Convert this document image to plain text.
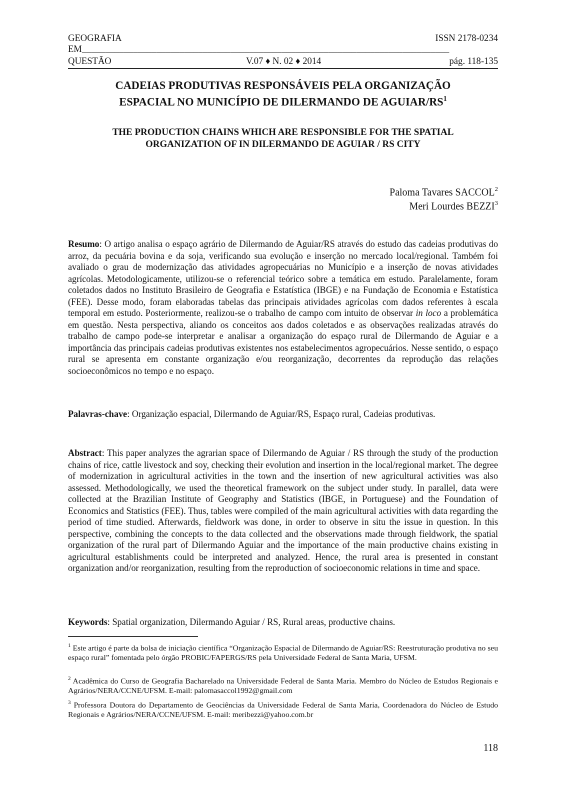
GEOGRAFIA	ISSN 2178-0234
EM_______________________________________________________________________________
QUESTÃO	V.07 ♦ N. 02 ♦ 2014	pág. 118-135
CADEIAS PRODUTIVAS RESPONSÁVEIS PELA ORGANIZAÇÃO
ESPACIAL NO MUNICÍPIO DE DILERMANDO DE AGUIAR/$RS^1$
THE PRODUCTION CHAINS WHICH ARE RESPONSIBLE FOR THE SPATIAL
ORGANIZATION OF IN DILERMANDO DE AGUIAR / RS CITY
Paloma Tavares SACCOL$^2$
Meri Lourdes BEZZI$^3$
Resumo: O artigo analisa o espaço agrário de Dilermando de Aguiar/RS através do estudo das cadeias produtivas do arroz, da pecuária bovina e da soja, verificando sua evolução e inserção no mercado local/regional. Também foi avaliado o grau de modernização das atividades agropecuárias no Município e a inserção de novas atividades agrícolas. Metodologicamente, utilizou-se o referencial teórico sobre a temática em estudo. Paralelamente, foram coletados dados no Instituto Brasileiro de Geografia e Estatística (IBGE) e na Fundação de Economia e Estatística (FEE). Desse modo, foram elaboradas tabelas das principais atividades agrícolas com dados referentes à escala temporal em estudo. Posteriormente, realizou-se o trabalho de campo com intuito de observar in loco a problemática em questão. Nesta perspectiva, aliando os conceitos aos dados coletados e as observações realizadas através do trabalho de campo pode-se interpretar e analisar a organização do espaço rural de Dilermando de Aguiar e a importância das principais cadeias produtivas existentes nos estabelecimentos agropecuários. Nesse sentido, o espaço rural se apresenta em constante organização e/ou reorganização, decorrentes da reprodução das relações socioeconômicos no tempo e no espaço.
Palavras-chave: Organização espacial, Dilermando de Aguiar/RS, Espaço rural, Cadeias produtivas.
Abstract: This paper analyzes the agrarian space of Dilermando de Aguiar / RS through the study of the production chains of rice, cattle livestock and soy, checking their evolution and insertion in the local/regional market. The degree of modernization in agricultural activities in the town and the insertion of new agricultural activities was also assessed. Methodologically, we used the theoretical framework on the subject under study. In parallel, data were collected at the Brazilian Institute of Geography and Statistics (IBGE, in Portuguese) and the Foundation of Economics and Statistics (FEE). Thus, tables were compiled of the main agricultural activities with data regarding the period of time studied. Afterwards, fieldwork was done, in order to observe in situ the issue in question. In this perspective, combining the concepts to the data collected and the observations made through fieldwork, the spatial organization of the rural part of Dilermando Aguiar and the importance of the main productive chains existing in agricultural establishments could be interpreted and analyzed. Hence, the rural area is presented in constant organization and/or reorganization, resulting from the reproduction of socioeconomic relations in time and space.
Keywords: Spatial organization, Dilermando Aguiar / RS, Rural areas, productive chains.
$^1$ Este artigo é parte da bolsa de iniciação científica “Organização Espacial de Dilermando de Aguiar/RS: Reestruturação produtiva no seu espaço rural” fomentada pelo órgão PROBIC/FAPERGS/RS pela Universidade Federal de Santa Maria, UFSM.
$^2$ Acadêmica do Curso de Geografia Bacharelado na Universidade Federal de Santa Maria. Membro do Núcleo de Estudos Regionais e Agrários/NERA/CCNE/UFSM. E-mail: palomasaccol1992@gmail.com
$^3$ Professora Doutora do Departamento de Geociências da Universidade Federal de Santa Maria, Coordenadora do Núcleo de Estudo Regionais e Agrários/NERA/CCNE/UFSM. E-mail: meribezzi@yahoo.com.br
118
